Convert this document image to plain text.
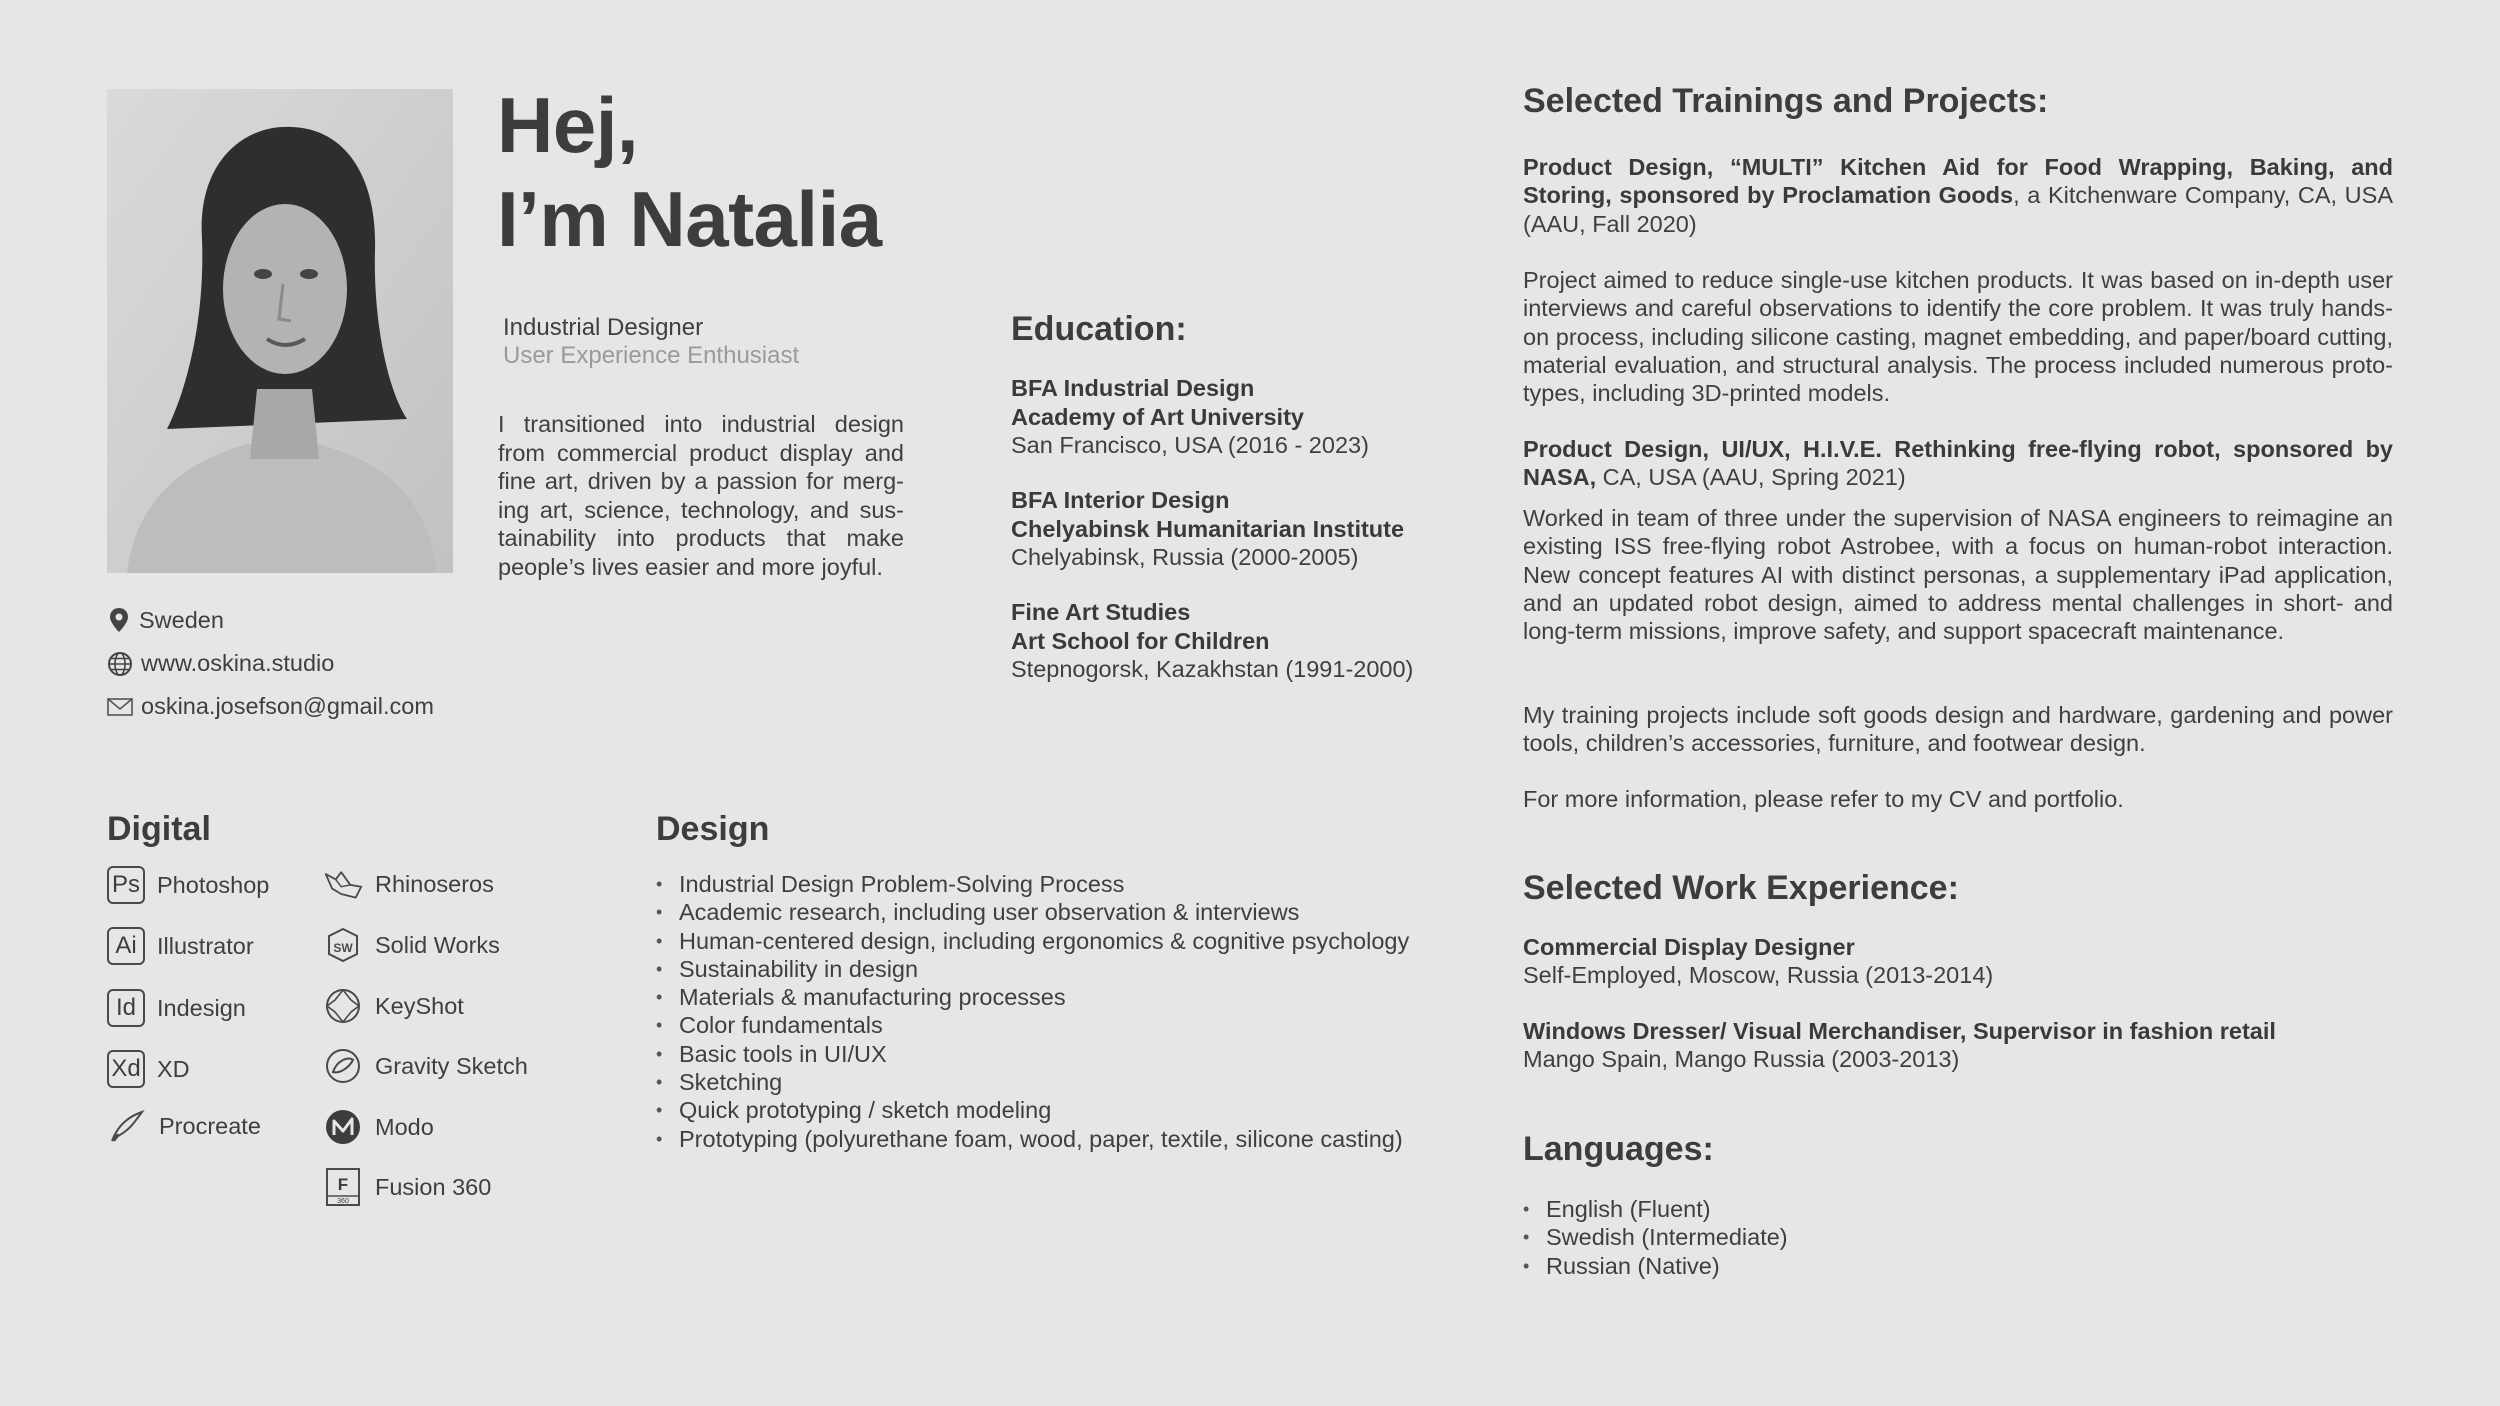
Hej,
I’m Natalia
Industrial Designer
User Experience Enthusiast
I transitioned into industrial design from commercial product display and fine art, driven by a passion for merg-ing art, science, technology, and sus-tainability into products that make people’s lives easier and more joyful.
Sweden
www.oskina.studio
oskina.josefson@gmail.com
Education:
BFA Industrial Design
Academy of Art University
San Francisco, USA (2016 - 2023)
BFA Interior Design
Chelyabinsk Humanitarian Institute
Chelyabinsk, Russia (2000-2005)
Fine Art Studies
Art School for Children
Stepnogorsk, Kazakhstan (1991-2000)
Digital
Ps Photoshop
Ai Illustrator
Id Indesign
Xd XD
Procreate
Rhinoseros
SW Solid Works
KeyShot
Gravity Sketch
Modo
F
360
Fusion 360
Design
• Industrial Design Problem-Solving Process
• Academic research, including user observation & interviews
• Human-centered design, including ergonomics & cognitive psychology
• Sustainability in design
• Materials & manufacturing processes
• Color fundamentals
• Basic tools in UI/UX
• Sketching
• Quick prototyping / sketch modeling
• Prototyping (polyurethane foam, wood, paper, textile, silicone casting)
Selected Trainings and Projects:

Product Design, “MULTI” Kitchen Aid for Food Wrapping, Baking, and Storing, sponsored by Proclamation Goods, a Kitchenware Company, CA, USA (AAU, Fall 2020)

Project aimed to reduce single-use kitchen products. It was based on in-depth user interviews and careful observations to identify the core problem. It was truly hands-on process, including silicone casting, magnet embedding, and paper/board cutting, material evaluation, and structural analysis. The process included numerous proto-types, including 3D-printed models.

Product Design, UI/UX, H.I.V.E. Rethinking free-flying robot, sponsored by NASA, CA, USA (AAU, Spring 2021)

Worked in team of three under the supervision of NASA engineers to reimagine an existing ISS free-flying robot Astrobee, with a focus on human-robot interaction. New concept features AI with distinct personas, a supplementary iPad application, and an updated robot design, aimed to address mental challenges in short- and long-term missions, improve safety, and support spacecraft maintenance.

My training projects include soft goods design and hardware, gardening and power tools, children’s accessories, furniture, and footwear design.

For more information, please refer to my CV and portfolio.

Selected Work Experience:
Commercial Display Designer
Self-Employed, Moscow, Russia (2013-2014)
Windows Dresser/ Visual Merchandiser, Supervisor in fashion retail
Mango Spain, Mango Russia (2003-2013)
Languages:
• English (Fluent)
• Swedish (Intermediate)
• Russian (Native)
